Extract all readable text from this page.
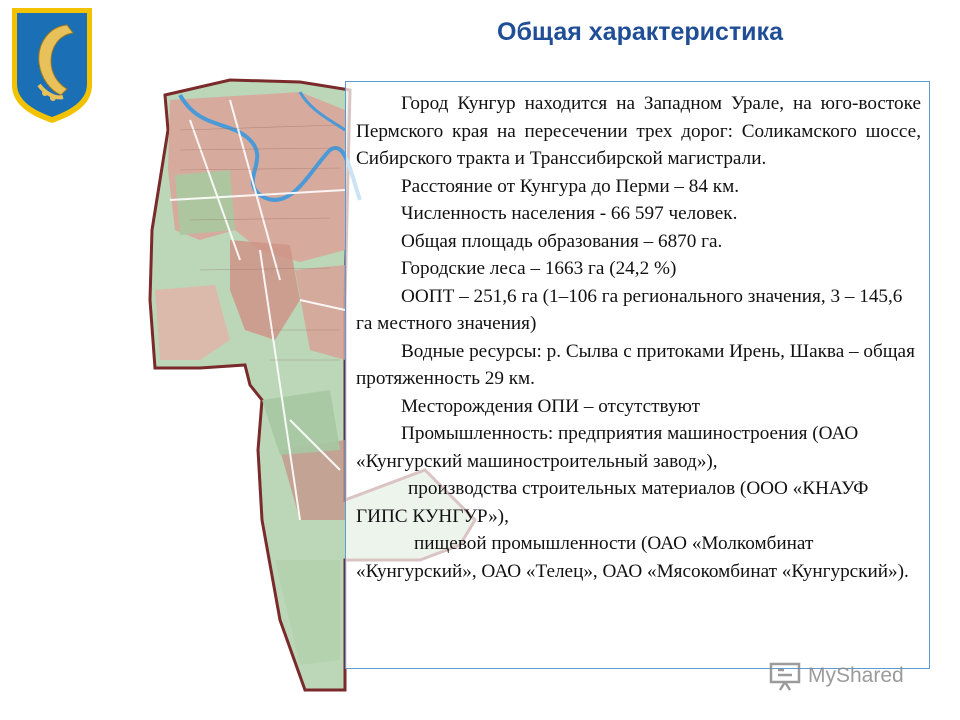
Общая характеристика

Город Кунгур находится на Западном Урале, на юго-востоке Пермского края на пересечении трех дорог: Соликамского шоссе, Сибирского тракта и Транссибирской магистрали.

Расстояние от Кунгура до Перми – 84 км.

Численность населения - 66 597 человек.

Общая площадь образования – 6870 га.

Городские леса – 1663 га (24,2 %)

ООПТ – 251,6 га (1–106 га регионального значения, 3 – 145,6 га местного значения)

Водные ресурсы: р. Сылва с притоками Ирень, Шаква – общая протяженность 29 км.

Месторождения ОПИ – отсутствуют

Промышленность: предприятия машиностроения (ОАО «Кунгурский машиностроительный завод»),

производства строительных материалов (ООО «КНАУФ ГИПС КУНГУР»),

пищевой промышленности (ОАО «Молкомбинат «Кунгурский», ОАО «Телец», ОАО «Мясокомбинат «Кунгурский»).

MyShared
